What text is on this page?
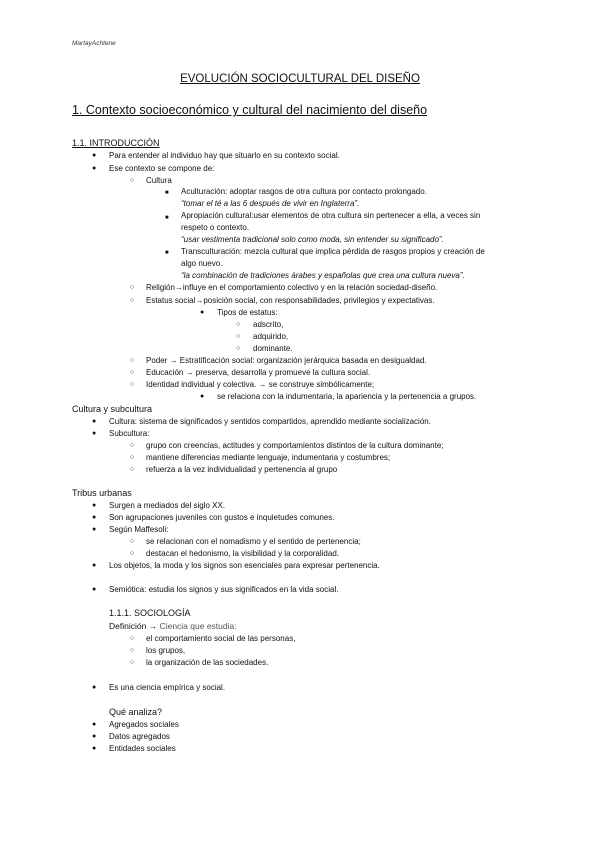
MartayAchtene
EVOLUCIÓN SOCIOCULTURAL DEL DISEÑO
1. Contexto socioeconómico y cultural del nacimiento del diseño
1.1. INTRODUCCIÓN
● Para entender al individuo hay que situarlo en su contexto social.
● Ese contexto se compone de:
○ Cultura
■ Aculturación: adoptar rasgos de otra cultura por contacto prolongado.
“tomar el té a las 6 después de vivir en Inglaterra”.
■ Apropiación cultural:usar elementos de otra cultura sin pertenecer a ella, a veces sin
respeto o contexto.
“usar vestimenta tradicional solo como moda, sin entender su significado”.
■ Transculturación: mezcla cultural que implica pérdida de rasgos propios y creación de
algo nuevo.
“la combinación de tradiciones árabes y españolas que crea una cultura nueva”.
○ Religión→influye en el comportamiento colectivo y en la relación sociedad-diseño.
○ Estatus social→posición social, con responsabilidades, privilegios y expectativas.
● Tipos de estatus:
○ adscrito,
○ adquirido,
○ dominante.
○ Poder → Estratificación social: organización jerárquica basada en desigualdad.
○ Educación → preserva, desarrolla y promueve la cultura social.
○ Identidad individual y colectiva. → se construye simbólicamente;
● se relaciona con la indumentaria, la apariencia y la pertenencia a grupos.
Cultura y subcultura
● Cultura: sistema de significados y sentidos compartidos, aprendido mediante socialización.
● Subcultura:
○ grupo con creencias, actitudes y comportamientos distintos de la cultura dominante;
○ mantiene diferencias mediante lenguaje, indumentaria y costumbres;
○ refuerza a la vez individualidad y pertenencia al grupo
Tribus urbanas
● Surgen a mediados del siglo XX.
● Son agrupaciones juveniles con gustos e inquietudes comunes.
● Según Maffesoli:
○ se relacionan con el nomadismo y el sentido de pertenencia;
○ destacan el hedonismo, la visibilidad y la corporalidad.
● Los objetos, la moda y los signos son esenciales para expresar pertenencia.
● Semiótica: estudia los signos y sus significados en la vida social.
1.1.1. SOCIOLOGÍA
Definición → Ciencia que estudia:
○ el comportamiento social de las personas,
○ los grupos,
○ la organización de las sociedades.
● Es una ciencia empírica y social.
Qué analiza?
● Agregados sociales
● Datos agregados
● Entidades sociales
